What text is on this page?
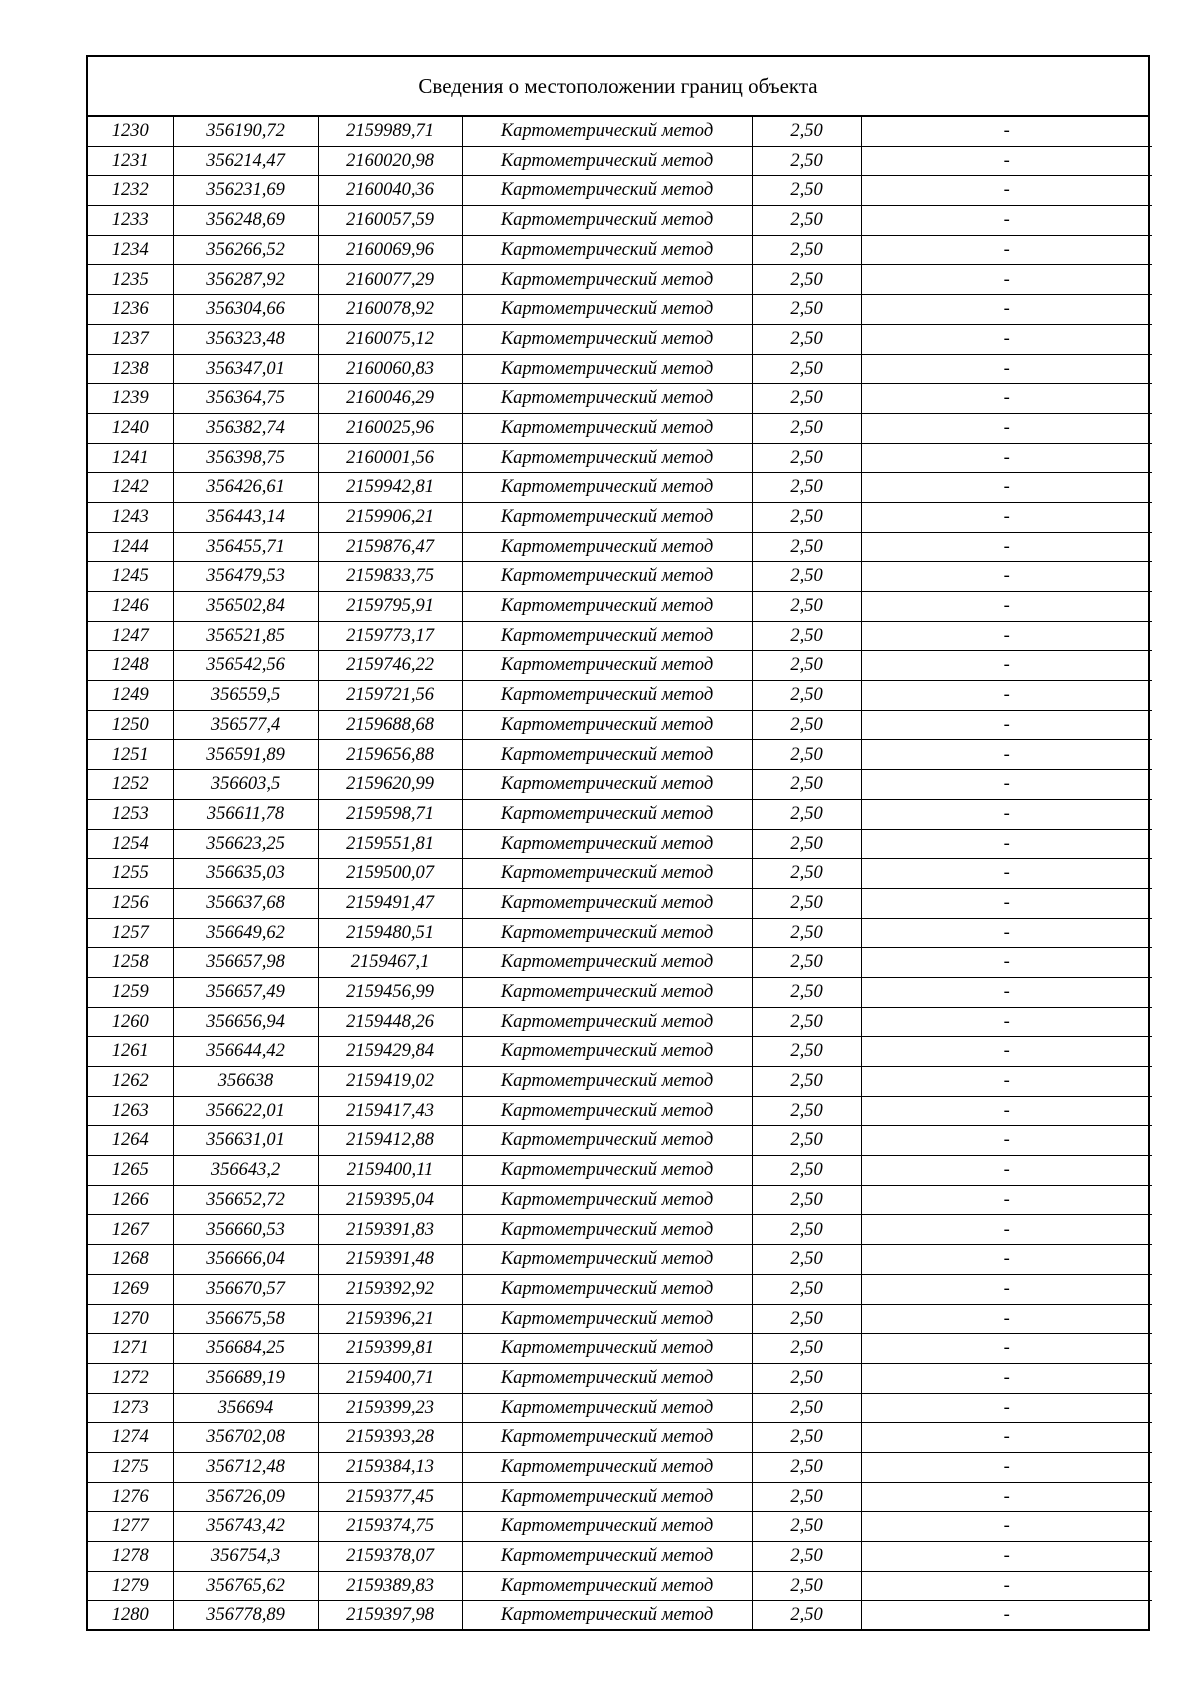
Сведения о местоположении границ объекта
1230	356190,72	2159989,71	Картометрический метод	2,50	-
1231	356214,47	2160020,98	Картометрический метод	2,50	-
1232	356231,69	2160040,36	Картометрический метод	2,50	-
1233	356248,69	2160057,59	Картометрический метод	2,50	-
1234	356266,52	2160069,96	Картометрический метод	2,50	-
1235	356287,92	2160077,29	Картометрический метод	2,50	-
1236	356304,66	2160078,92	Картометрический метод	2,50	-
1237	356323,48	2160075,12	Картометрический метод	2,50	-
1238	356347,01	2160060,83	Картометрический метод	2,50	-
1239	356364,75	2160046,29	Картометрический метод	2,50	-
1240	356382,74	2160025,96	Картометрический метод	2,50	-
1241	356398,75	2160001,56	Картометрический метод	2,50	-
1242	356426,61	2159942,81	Картометрический метод	2,50	-
1243	356443,14	2159906,21	Картометрический метод	2,50	-
1244	356455,71	2159876,47	Картометрический метод	2,50	-
1245	356479,53	2159833,75	Картометрический метод	2,50	-
1246	356502,84	2159795,91	Картометрический метод	2,50	-
1247	356521,85	2159773,17	Картометрический метод	2,50	-
1248	356542,56	2159746,22	Картометрический метод	2,50	-
1249	356559,5	2159721,56	Картометрический метод	2,50	-
1250	356577,4	2159688,68	Картометрический метод	2,50	-
1251	356591,89	2159656,88	Картометрический метод	2,50	-
1252	356603,5	2159620,99	Картометрический метод	2,50	-
1253	356611,78	2159598,71	Картометрический метод	2,50	-
1254	356623,25	2159551,81	Картометрический метод	2,50	-
1255	356635,03	2159500,07	Картометрический метод	2,50	-
1256	356637,68	2159491,47	Картометрический метод	2,50	-
1257	356649,62	2159480,51	Картометрический метод	2,50	-
1258	356657,98	2159467,1	Картометрический метод	2,50	-
1259	356657,49	2159456,99	Картометрический метод	2,50	-
1260	356656,94	2159448,26	Картометрический метод	2,50	-
1261	356644,42	2159429,84	Картометрический метод	2,50	-
1262	356638	2159419,02	Картометрический метод	2,50	-
1263	356622,01	2159417,43	Картометрический метод	2,50	-
1264	356631,01	2159412,88	Картометрический метод	2,50	-
1265	356643,2	2159400,11	Картометрический метод	2,50	-
1266	356652,72	2159395,04	Картометрический метод	2,50	-
1267	356660,53	2159391,83	Картометрический метод	2,50	-
1268	356666,04	2159391,48	Картометрический метод	2,50	-
1269	356670,57	2159392,92	Картометрический метод	2,50	-
1270	356675,58	2159396,21	Картометрический метод	2,50	-
1271	356684,25	2159399,81	Картометрический метод	2,50	-
1272	356689,19	2159400,71	Картометрический метод	2,50	-
1273	356694	2159399,23	Картометрический метод	2,50	-
1274	356702,08	2159393,28	Картометрический метод	2,50	-
1275	356712,48	2159384,13	Картометрический метод	2,50	-
1276	356726,09	2159377,45	Картометрический метод	2,50	-
1277	356743,42	2159374,75	Картометрический метод	2,50	-
1278	356754,3	2159378,07	Картометрический метод	2,50	-
1279	356765,62	2159389,83	Картометрический метод	2,50	-
1280	356778,89	2159397,98	Картометрический метод	2,50	-
